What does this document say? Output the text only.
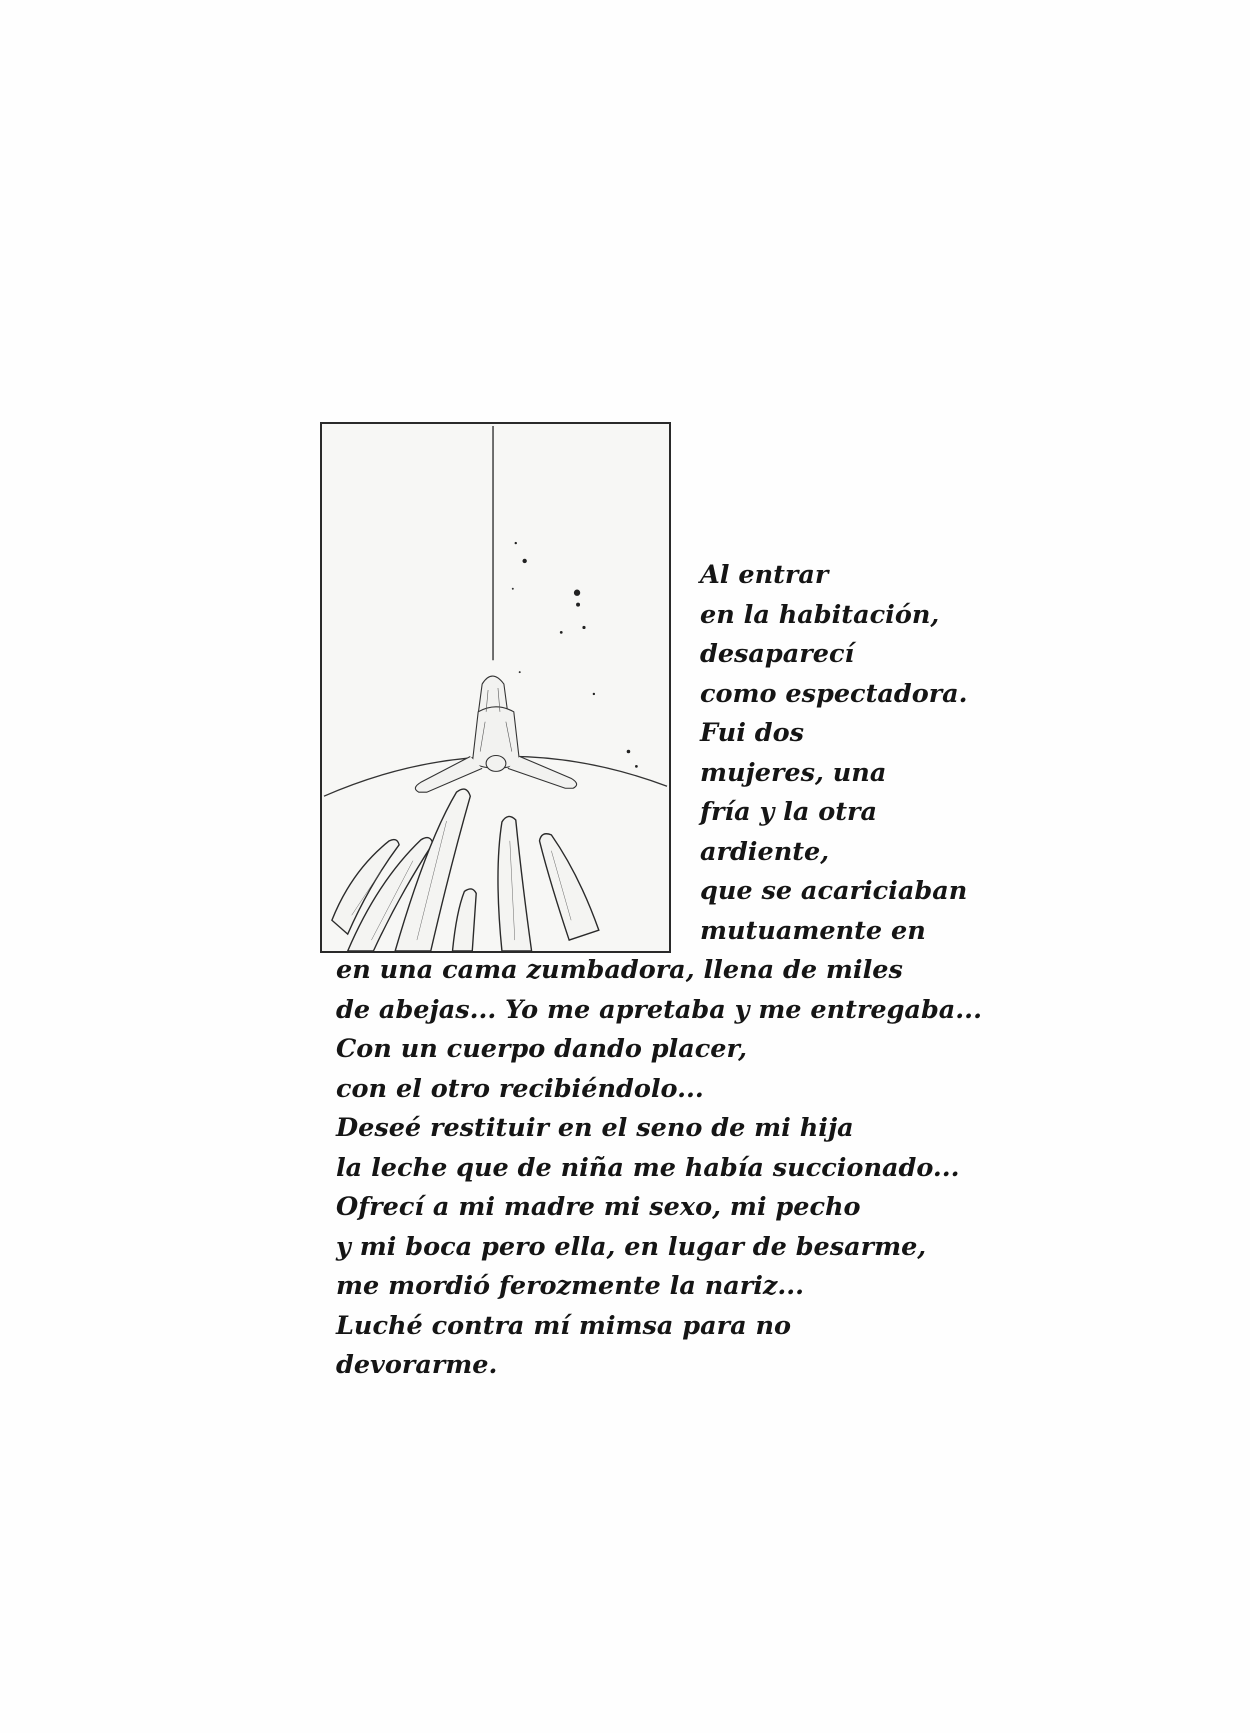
Al entrar
en la habitación,
desaparecí
como espectadora.
Fui dos
mujeres, una
fría y la otra
ardiente,
que se acariciaban
mutuamente en
en una cama zumbadora, llena de miles
de abejas... Yo me apretaba y me entregaba...
Con un cuerpo dando placer,
con el otro recibiéndolo...
Deseé restituir en el seno de mi hija
la leche que de niña me había succionado...
Ofrecí a mi madre mi sexo, mi pecho
y mi boca pero ella, en lugar de besarme,
me mordió ferozmente la nariz...
Luché contra mí mimsa para no
devorarme.
